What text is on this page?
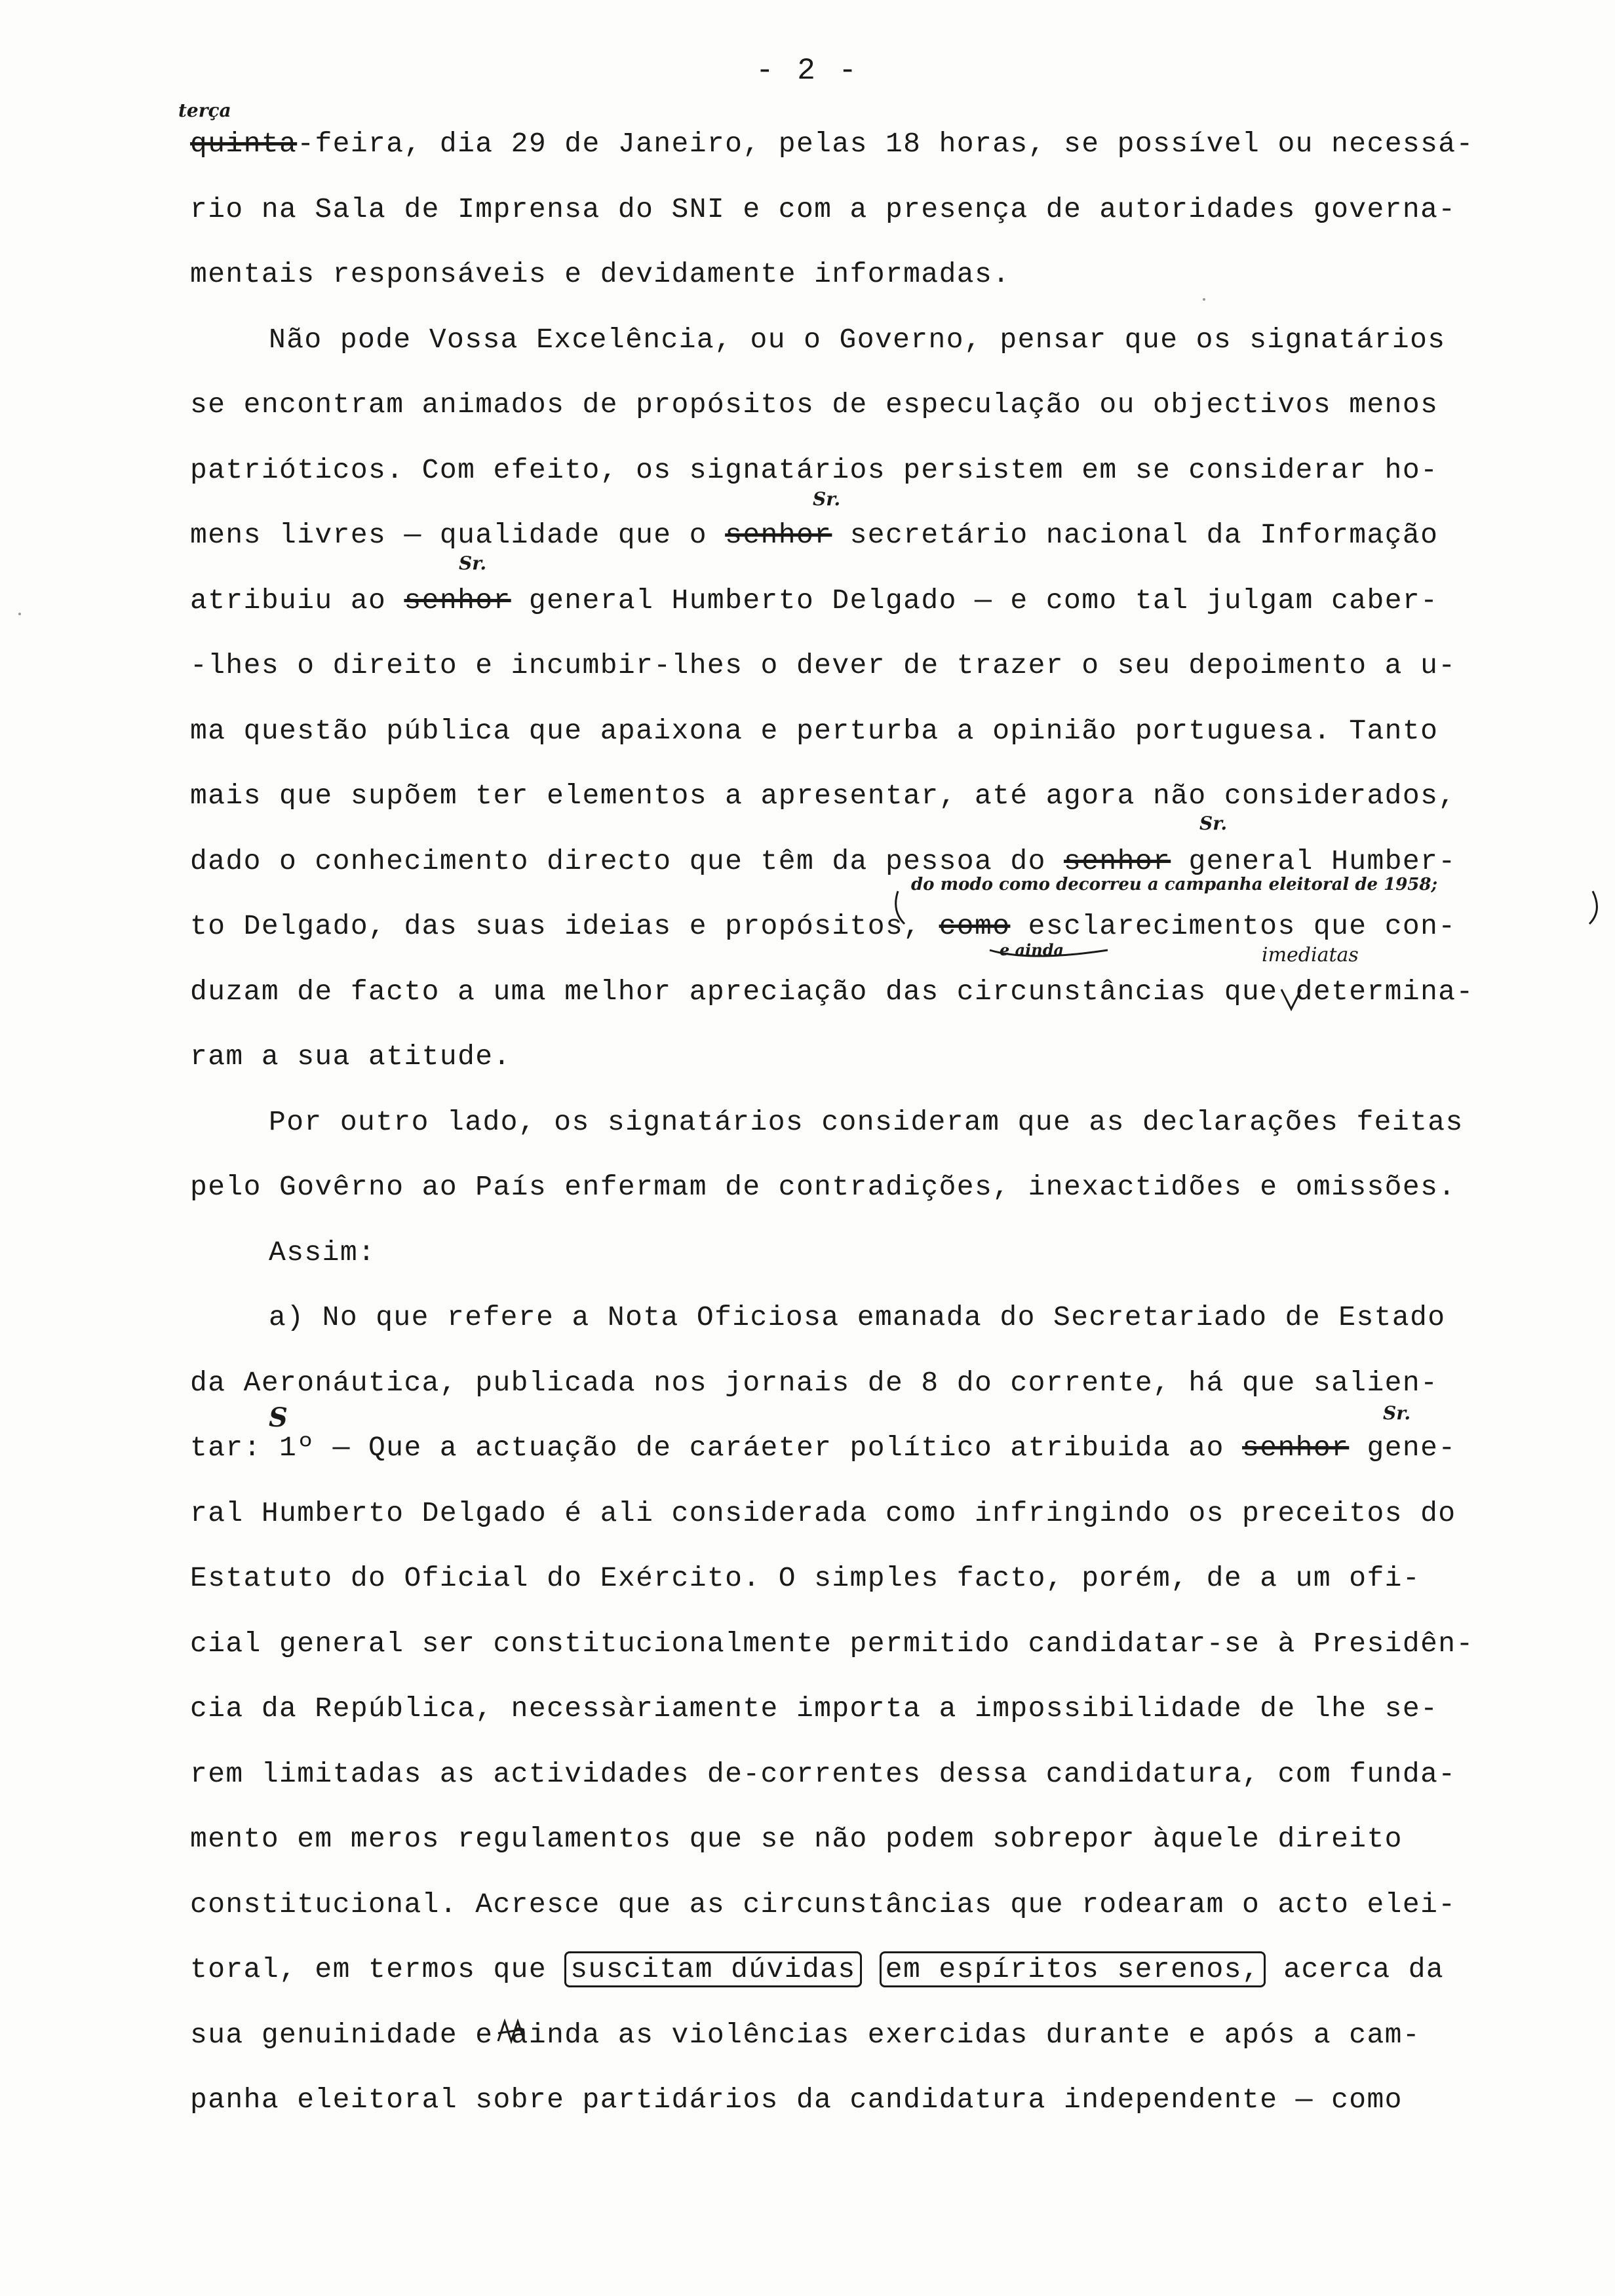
- 2 -
quinta-feira, dia 29 de Janeiro, pelas 18 horas, se possível ou necessá-
rio na Sala de Imprensa do SNI e com a presença de autoridades governa-
mentais responsáveis e devidamente informadas.
Não pode Vossa Excelência, ou o Governo, pensar que os signatários
se encontram animados de propósitos de especulação ou objectivos menos
patrióticos. Com efeito, os signatários persistem em se considerar ho-
mens livres — qualidade que o senhor secretário nacional da Informação
atribuiu ao senhor general Humberto Delgado — e como tal julgam caber-
-lhes o direito e incumbir-lhes o dever de trazer o seu depoimento a u-
ma questão pública que apaixona e perturba a opinião portuguesa. Tanto
mais que supõem ter elementos a apresentar, até agora não considerados,
dado o conhecimento directo que têm da pessoa do senhor general Humber-
to Delgado, das suas ideias e propósitos, como esclarecimentos que con-
duzam de facto a uma melhor apreciação das circunstâncias que determina-
ram a sua atitude.
Por outro lado, os signatários consideram que as declarações feitas
pelo Govêrno ao País enfermam de contradições, inexactidões e omissões.
Assim:
a) No que refere a Nota Oficiosa emanada do Secretariado de Estado
da Aeronáutica, publicada nos jornais de 8 do corrente, há que salien-
tar: 1º — Que a actuação de caráeter político atribuida ao senhor gene-
ral Humberto Delgado é ali considerada como infringindo os preceitos do
Estatuto do Oficial do Exército. O simples facto, porém, de a um ofi-
cial general ser constitucionalmente permitido candidatar-se à Presidên-
cia da República, necessàriamente importa a impossibilidade de lhe se-
rem limitadas as actividades de-correntes dessa candidatura, com funda-
mento em meros regulamentos que se não podem sobrepor àquele direito
constitucional. Acresce que as circunstâncias que rodearam o acto elei-
toral, em termos que suscitam dúvidas em espíritos serenos, acerca da
sua genuinidade e ainda as violências exercidas durante e após a cam-
panha eleitoral sobre partidários da candidatura independente — como
terça
Sr.
Sr.
Sr.
do modo como decorreu a campanha eleitoral de 1958;
e ainda	imediatas
S	Sr.
